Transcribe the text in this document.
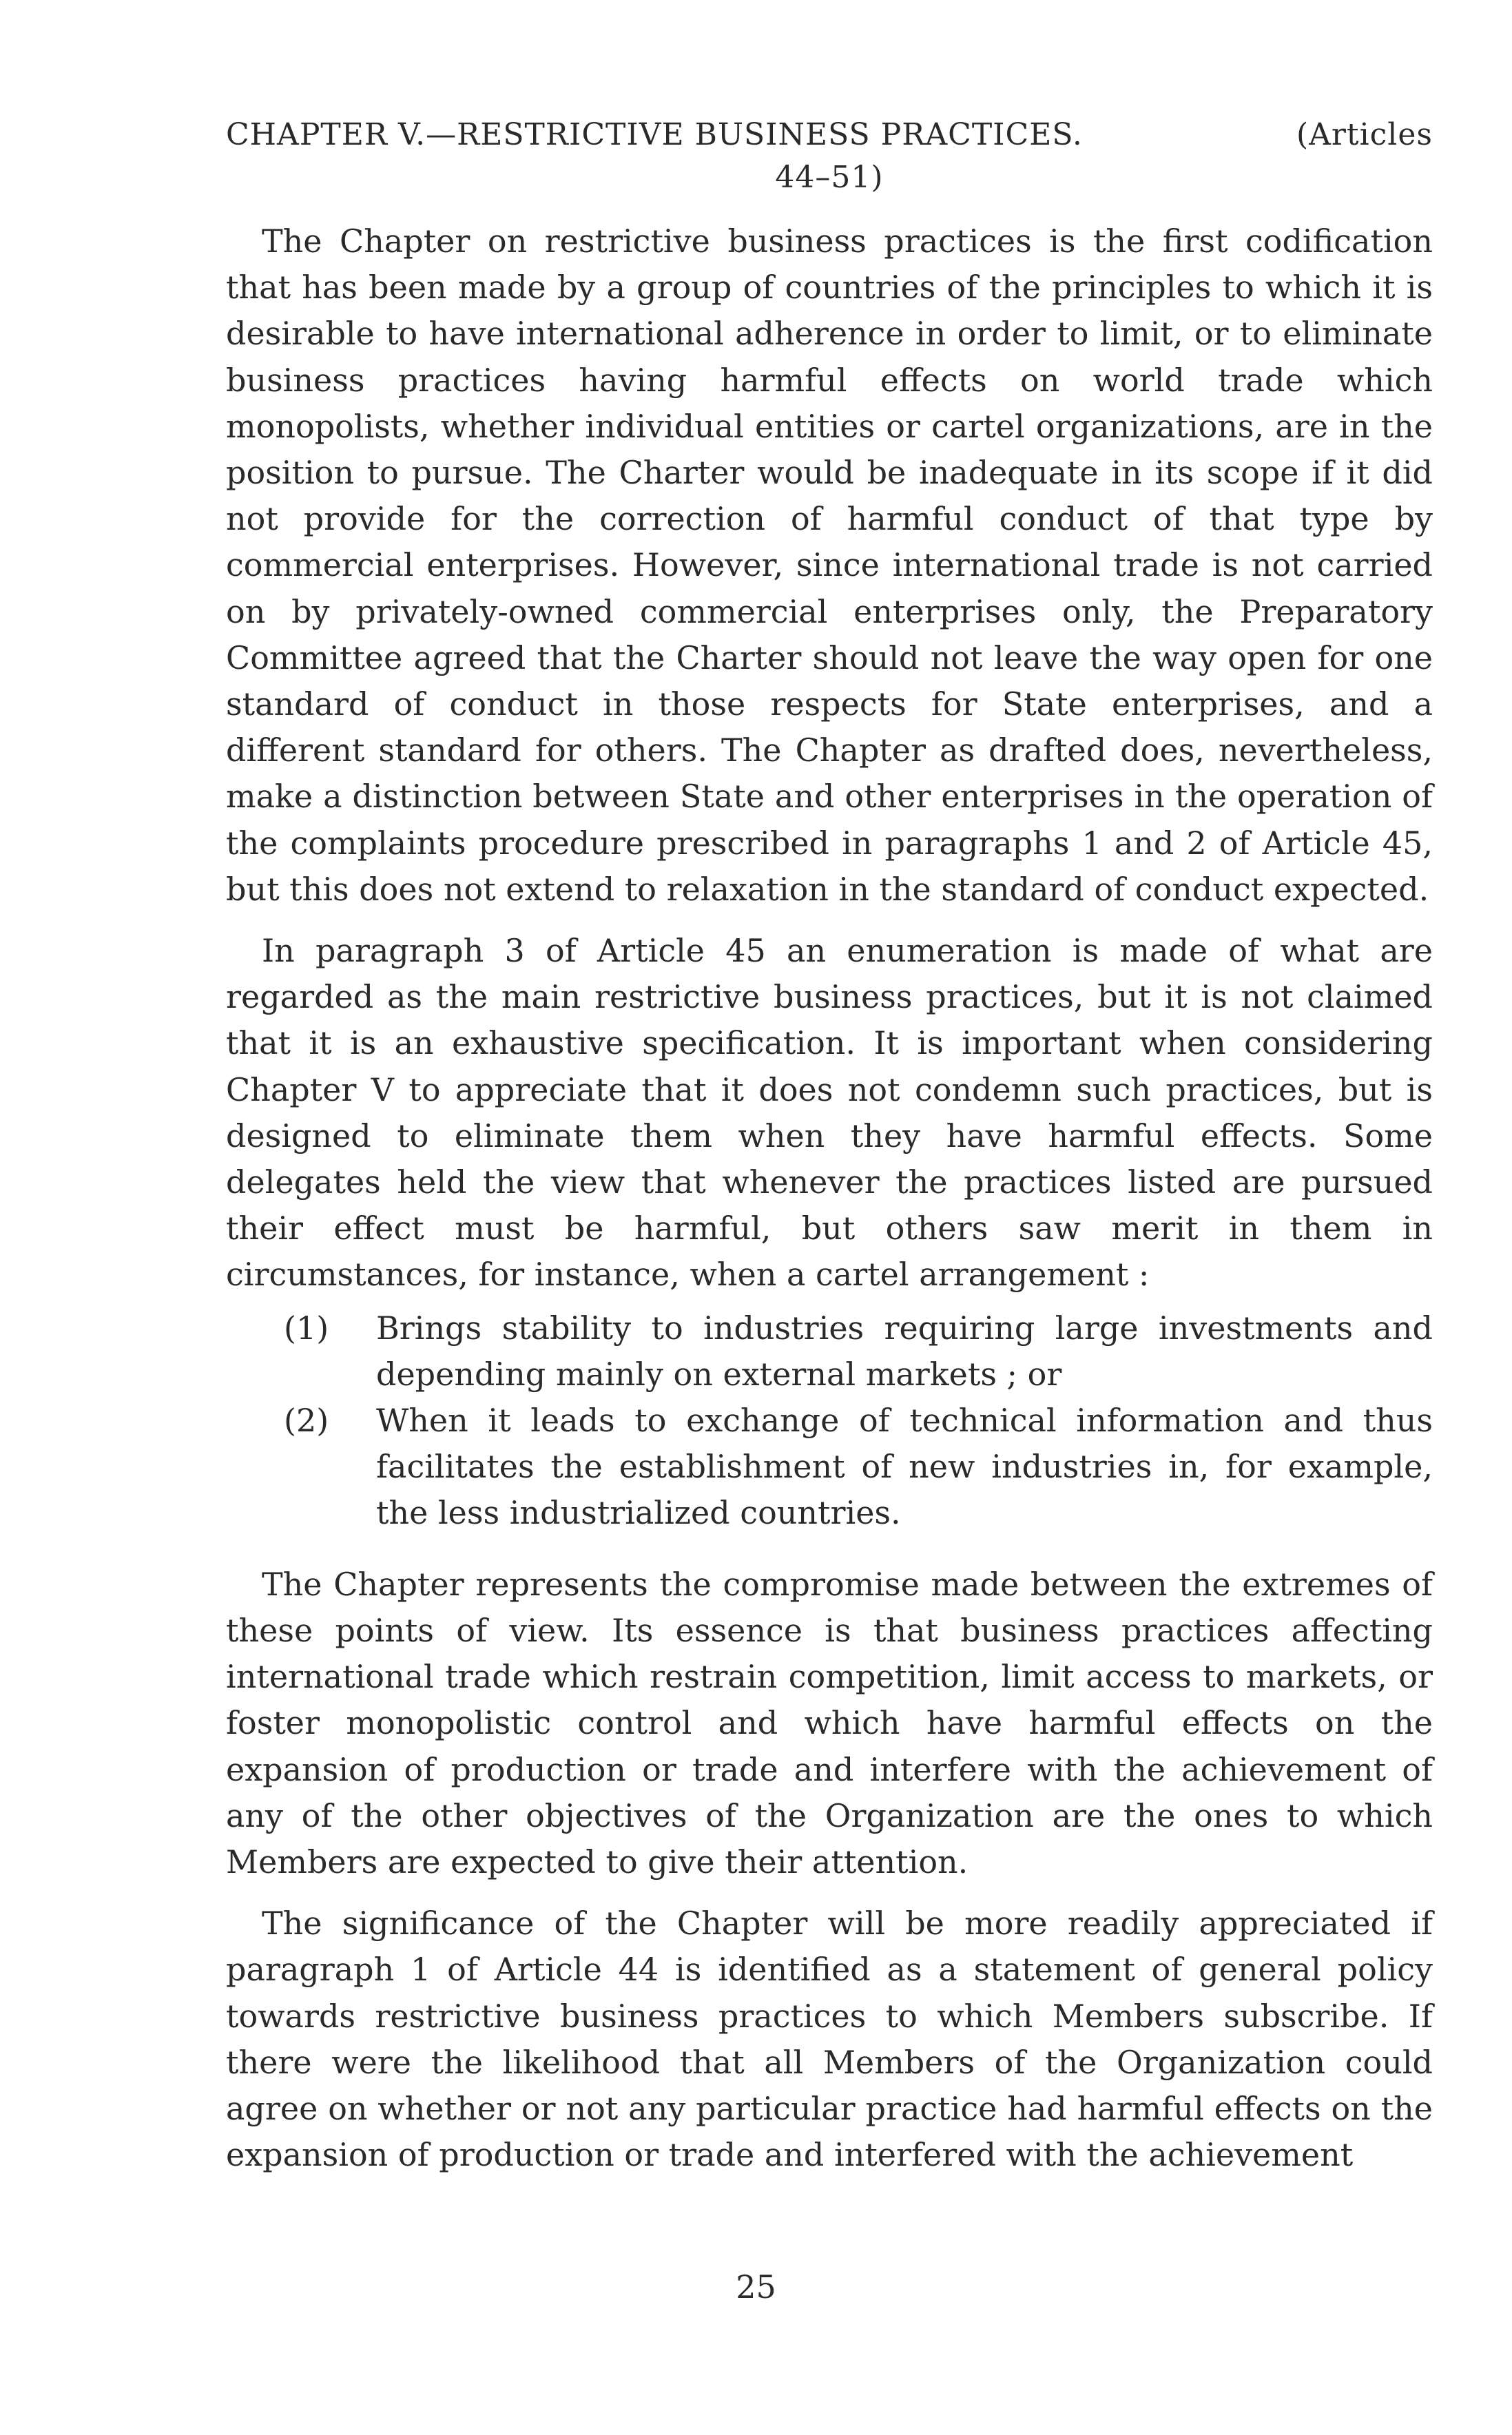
CHAPTER V.—RESTRICTIVE BUSINESS PRACTICES.	(Articles
44–51)

The Chapter on restrictive business practices is the first codification that has been made by a group of countries of the principles to which it is desirable to have international adherence in order to limit, or to eliminate business practices having harmful effects on world trade which monopolists, whether individual entities or cartel organizations, are in the position to pursue. The Charter would be inadequate in its scope if it did not provide for the correction of harmful conduct of that type by commercial enterprises. However, since international trade is not carried on by privately-owned commercial enterprises only, the Preparatory Committee agreed that the Charter should not leave the way open for one standard of conduct in those respects for State enterprises, and a different standard for others. The Chapter as drafted does, nevertheless, make a distinction between State and other enterprises in the operation of the complaints procedure prescribed in paragraphs 1 and 2 of Article 45, but this does not extend to relaxation in the standard of conduct expected.

In paragraph 3 of Article 45 an enumeration is made of what are regarded as the main restrictive business practices, but it is not claimed that it is an exhaustive specification. It is important when considering Chapter V to appreciate that it does not condemn such practices, but is designed to eliminate them when they have harmful effects. Some delegates held the view that whenever the practices listed are pursued their effect must be harmful, but others saw merit in them in circumstances, for instance, when a cartel arrangement :

(1) Brings stability to industries requiring large investments and depending mainly on external markets ; or
(2) When it leads to exchange of technical information and thus facilitates the establishment of new industries in, for example, the less industrialized countries.

The Chapter represents the compromise made between the extremes of these points of view. Its essence is that business practices affecting international trade which restrain competition, limit access to markets, or foster monopolistic control and which have harmful effects on the expansion of production or trade and interfere with the achievement of any of the other objectives of the Organization are the ones to which Members are expected to give their attention.

The significance of the Chapter will be more readily appreciated if paragraph 1 of Article 44 is identified as a statement of general policy towards restrictive business practices to which Members subscribe. If there were the likelihood that all Members of the Organization could agree on whether or not any particular practice had harmful effects on the expansion of production or trade and interfered with the achievement

25
